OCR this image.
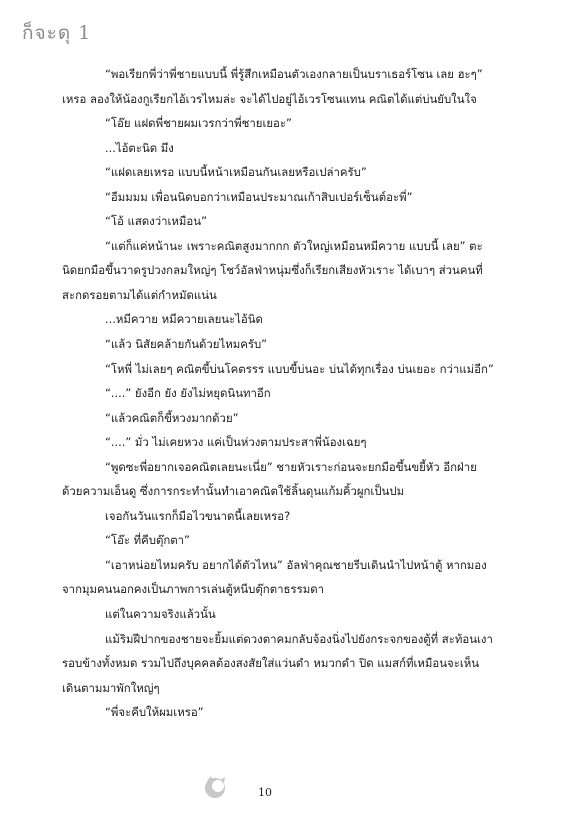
ก็จะดุ 1

“พอเรียกพี่ว่าพี่ชายแบบนี้ พี่รู้สึกเหมือนตัวเองกลายเป็นบราเธอร์โซน เลย ฮะๆ” เหรอ ลองให้น้องกูเรียกไอ้เวรไหมล่ะ จะได้ไปอยู่ไอ้เวรโซนแทน คณิตได้แต่บ่นยับในใจ

“โอ๊ย แฝดพี่ชายผมเวรกว่าพี่ชายเยอะ”

...ไอ้ตะนิด มึง

“แฝดเลยเหรอ แบบนี้หน้าเหมือนกันเลยหรือเปล่าครับ”

“อืมมมม เพื่อนนิดบอกว่าเหมือนประมาณเก้าสิบเปอร์เซ็นต์อะพี่”

“โอ้ แสดงว่าเหมือน”

“แต่ก็แค่หน้านะ เพราะคณิตสูงมากกก ตัวใหญ่เหมือนหมีควาย แบบนี้ เลย” ตะนิดยกมือขึ้นวาดรูปวงกลมใหญ่ๆ โชว์อัลฟ่าหนุ่มซึ่งก็เรียกเสียงหัวเราะ ได้เบาๆ ส่วนคนที่สะกดรอยตามได้แต่กำหมัดแน่น

...หมีควาย หมีควายเลยนะไอ้นิด

“แล้ว นิสัยคล้ายกันด้วยไหมครับ”

“โหพี่ ไม่เลยๆ คณิตขี้บ่นโคตรรร แบบขี้บ่นอะ บ่นได้ทุกเรื่อง บ่นเยอะ กว่าแม่อีก”

“....” ยังอีก ยัง ยังไม่หยุดนินทาอีก

“แล้วคณิตก็ขี้หวงมากด้วย”

“....” มั่ว ไม่เคยหวง แค่เป็นห่วงตามประสาพี่น้องเฉยๆ

“พูดซะพี่อยากเจอคณิตเลยนะเนี่ย” ชายหัวเราะก่อนจะยกมือขึ้นขยี้หัว อีกฝ่ายด้วยความเอ็นดู ซึ่งการกระทำนั้นทำเอาคณิตใช้ลิ้นดุนแก้มคิ้วผูกเป็นปม

เจอกันวันแรกก็มือไวขนาดนี้เลยเหรอ?

“โอ๊ะ ที่คีบตุ๊กตา”

“เอาหน่อยไหมครับ อยากได้ตัวไหน” อัลฟ่าคุณชายรีบเดินนำไปหน้าตู้ หากมองจากมุมคนนอกคงเป็นภาพการเล่นตู้หนีบตุ๊กตาธรรมดา

แต่ในความจริงแล้วนั้น

แม้ริมฝีปากของชายจะยิ้มแต่ดวงตาคมกลับจ้องนิ่งไปยังกระจกของตู้ที่ สะท้อนเงารอบข้างทั้งหมด รวมไปถึงบุคคลต้องสงสัยใส่แว่นดำ หมวกดำ ปิด แมสก์ที่เหมือนจะเห็นเดินตามมาพักใหญ่ๆ

“พี่จะคีบให้ผมเหรอ”

10
